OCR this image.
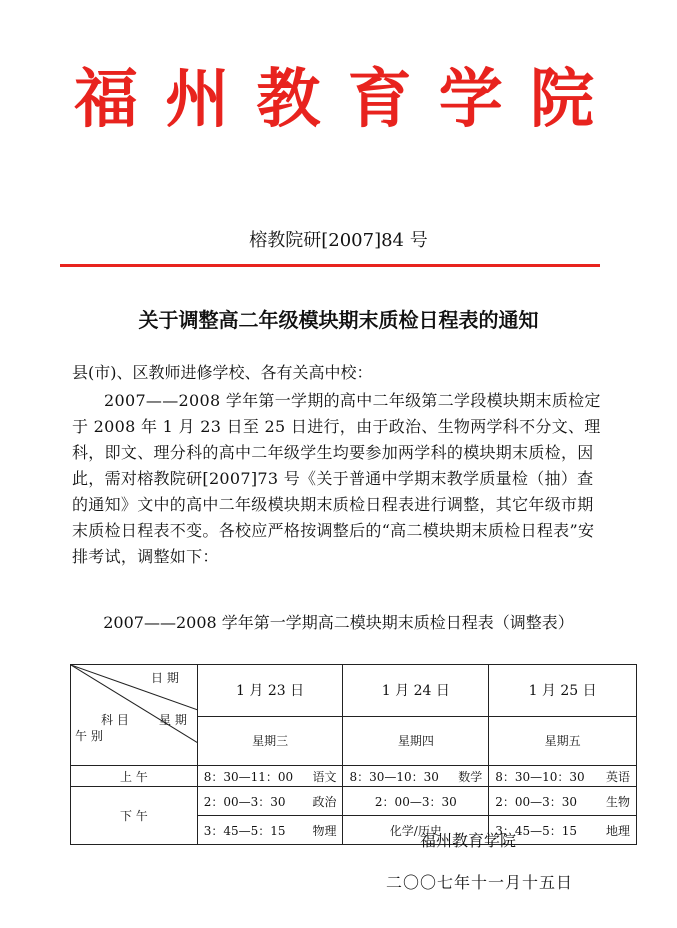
福 州 教 育 学 院
榕教院研[2007]84 号
关于调整高二年级模块期末质检日程表的通知
县(市)、区教师进修学校、各有关高中校：
2007——2008 学年第一学期的高中二年级第二学段模块期末质检定于 2008 年 1 月 23 日至 25 日进行，由于政治、生物两学科不分文、理科，即文、理分科的高中二年级学生均要参加两学科的模块期末质检，因此，需对榕教院研[2007]73 号《关于普通中学期末教学质量检（抽）查的通知》文中的高中二年级模块期末质检日程表进行调整，其它年级市期末质检日程表不变。各校应严格按调整后的“高二模块期末质检日程表”安排考试，调整如下：
2007——2008 学年第一学期高二模块期末质检日程表（调整表）
日 期
科 目 星 期
午 别	1 月 23 日	1 月 24 日	1 月 25 日
	星期三	星期四	星期五
上 午	8：30—11：00 语文	8：30—10：30 数学	8：30—10：30 英语

下 午	2：00—3：30 政治	2：00—3：30	2：00—3：30 生物

	3：45—5：15 物理	化学/历史	3：45—5：15 地理
福州教育学院
二〇〇七年十一月十五日
